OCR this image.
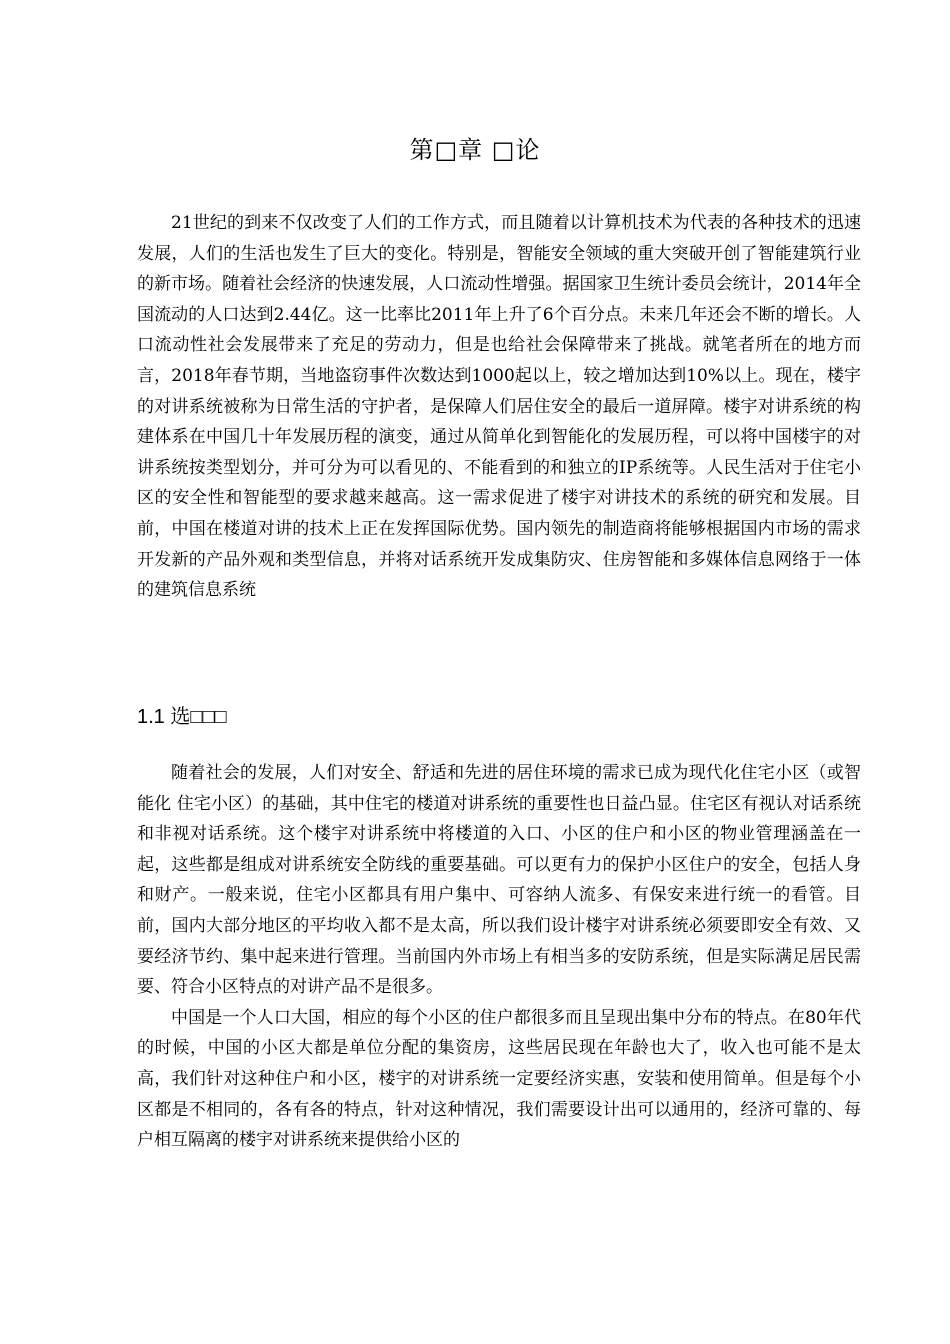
第□章 □论

21世纪的到来不仅改变了人们的工作方式，而且随着以计算机技术为代表的各种技术的迅速发展，人们的生活也发生了巨大的变化。特别是，智能安全领域的重大突破开创了智能建筑行业的新市场。随着社会经济的快速发展，人口流动性增强。据国家卫生统计委员会统计，2014年全国流动的人口达到2.44亿。这一比率比2011年上升了6个百分点。未来几年还会不断的增长。人口流动性社会发展带来了充足的劳动力，但是也给社会保障带来了挑战。就笔者所在的地方而言，2018年春节期，当地盗窃事件次数达到1000起以上，较之增加达到10%以上。现在，楼宇的对讲系统被称为日常生活的守护者，是保障人们居住安全的最后一道屏障。楼宇对讲系统的构建体系在中国几十年发展历程的演变，通过从简单化到智能化的发展历程，可以将中国楼宇的对讲系统按类型划分，并可分为可以看见的、不能看到的和独立的IP系统等。人民生活对于住宅小区的安全性和智能型的要求越来越高。这一需求促进了楼宇对讲技术的系统的研究和发展。目前，中国在楼道对讲的技术上正在发挥国际优势。国内领先的制造商将能够根据国内市场的需求开发新的产品外观和类型信息，并将对话系统开发成集防灾、住房智能和多媒体信息网络于一体的建筑信息系统

1.1 选□□□

随着社会的发展，人们对安全、舒适和先进的居住环境的需求已成为现代化住宅小区（或智能化 住宅小区）的基础，其中住宅的楼道对讲系统的重要性也日益凸显。住宅区有视认对话系统和非视对话系统。这个楼宇对讲系统中将楼道的入口、小区的住户和小区的物业管理涵盖在一起，这些都是组成对讲系统安全防线的重要基础。可以更有力的保护小区住户的安全，包括人身和财产。一般来说，住宅小区都具有用户集中、可容纳人流多、有保安来进行统一的看管。目前，国内大部分地区的平均收入都不是太高，所以我们设计楼宇对讲系统必须要即安全有效、又要经济节约、集中起来进行管理。当前国内外市场上有相当多的安防系统，但是实际满足居民需要、符合小区特点的对讲产品不是很多。

中国是一个人口大国，相应的每个小区的住户都很多而且呈现出集中分布的特点。在80年代的时候，中国的小区大都是单位分配的集资房，这些居民现在年龄也大了，收入也可能不是太高，我们针对这种住户和小区，楼宇的对讲系统一定要经济实惠，安装和使用简单。但是每个小区都是不相同的，各有各的特点，针对这种情况，我们需要设计出可以通用的，经济可靠的、每户相互隔离的楼宇对讲系统来提供给小区的
